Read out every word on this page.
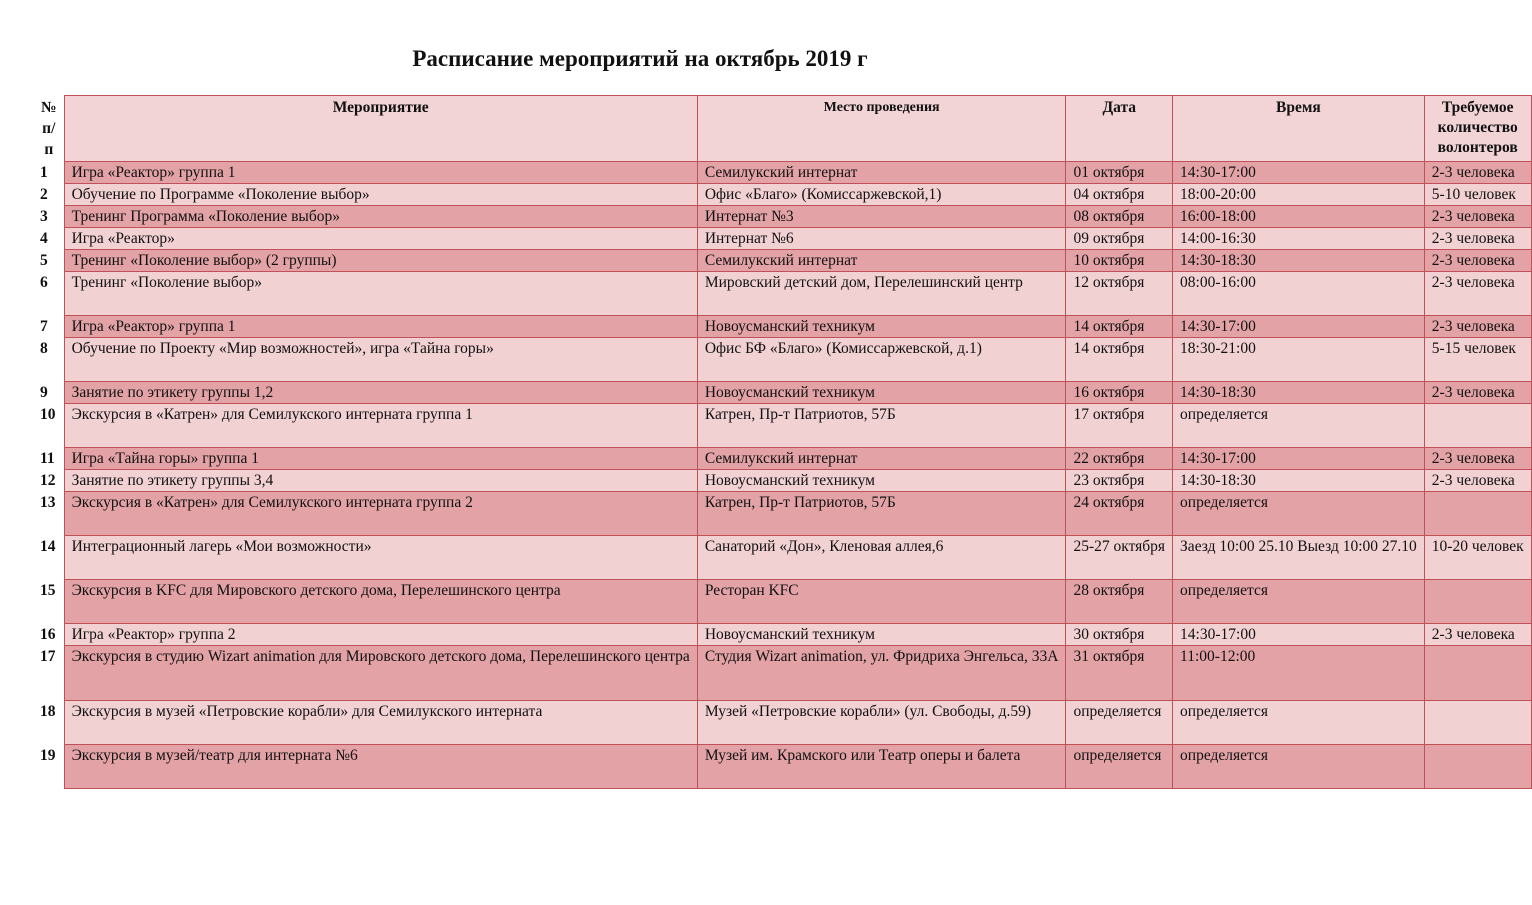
Расписание мероприятий на октябрь 2019 г
№ п/п	Мероприятие	Место проведения	Дата	Время	Требуемое количество волонтеров
1	Игра «Реактор» группа 1	Семилукский интернат	01 октября	14:30-17:00	2-3 человека
2	Обучение по Программе «Поколение выбор»	Офис «Благо» (Комиссаржевской,1)	04 октября	18:00-20:00	5-10 человек
3	Тренинг Программа «Поколение выбор»	Интернат №3	08 октября	16:00-18:00	2-3 человека
4	Игра «Реактор»	Интернат №6	09 октября	14:00-16:30	2-3 человека
5	Тренинг «Поколение выбор» (2 группы)	Семилукский интернат	10 октября	14:30-18:30	2-3 человека
6	Тренинг «Поколение выбор»	Мировский детский дом, Перелешинский центр	12 октября	08:00-16:00	2-3 человека
7	Игра «Реактор» группа 1	Новоусманский техникум	14 октября	14:30-17:00	2-3 человека
8	Обучение по Проекту «Мир возможностей», игра «Тайна горы»	Офис БФ «Благо» (Комиссаржевской, д.1)	14 октября	18:30-21:00	5-15 человек
9	Занятие по этикету группы 1,2	Новоусманский техникум	16 октября	14:30-18:30	2-3 человека
10	Экскурсия в «Катрен» для Семилукского интерната группа 1	Катрен, Пр-т Патриотов, 57Б	17 октября	определяется	
11	Игра «Тайна горы» группа 1	Семилукский интернат	22 октября	14:30-17:00	2-3 человека
12	Занятие по этикету группы 3,4	Новоусманский техникум	23 октября	14:30-18:30	2-3 человека
13	Экскурсия в «Катрен» для Семилукского интерната группа 2	Катрен, Пр-т Патриотов, 57Б	24 октября	определяется	
14	Интеграционный лагерь «Мои возможности»	Санаторий «Дон», Кленовая аллея,6	25-27 октября	Заезд 10:00 25.10 Выезд 10:00 27.10	10-20 человек
15	Экскурсия в KFC для Мировского детского дома, Перелешинского центра	Ресторан KFC	28 октября	определяется	
16	Игра «Реактор» группа 2	Новоусманский техникум	30 октября	14:30-17:00	2-3 человека
17	Экскурсия в студию Wizart animation для Мировского детского дома, Перелешинского центра	Студия Wizart animation, ул. Фридриха Энгельса, 33А	31 октября	11:00-12:00	
18	Экскурсия в музей «Петровские корабли» для Семилукского интерната	Музей «Петровские корабли» (ул. Свободы, д.59)	определяется	определяется	
19	Экскурсия в музей/театр для интерната №6	Музей им. Крамского или Театр оперы и балета	определяется	определяется	
